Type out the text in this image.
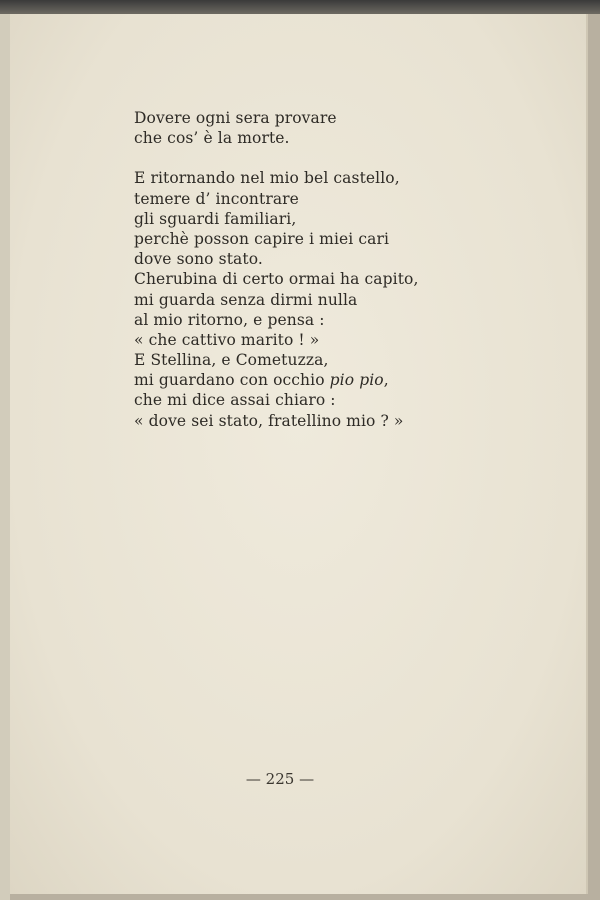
Dovere ogni sera provare
che cos’ è la morte.
E ritornando nel mio bel castello,
temere d’ incontrare
gli sguardi familiari,
perchè posson capire i miei cari
dove sono stato.
Cherubina di certo ormai ha capito,
mi guarda senza dirmi nulla
al mio ritorno, e pensa :
« che cattivo marito ! »
E Stellina, e Cometuzza,
mi guardano con occhio pio pio,
che mi dice assai chiaro :
« dove sei stato, fratellino mio ? »
— 225 —
